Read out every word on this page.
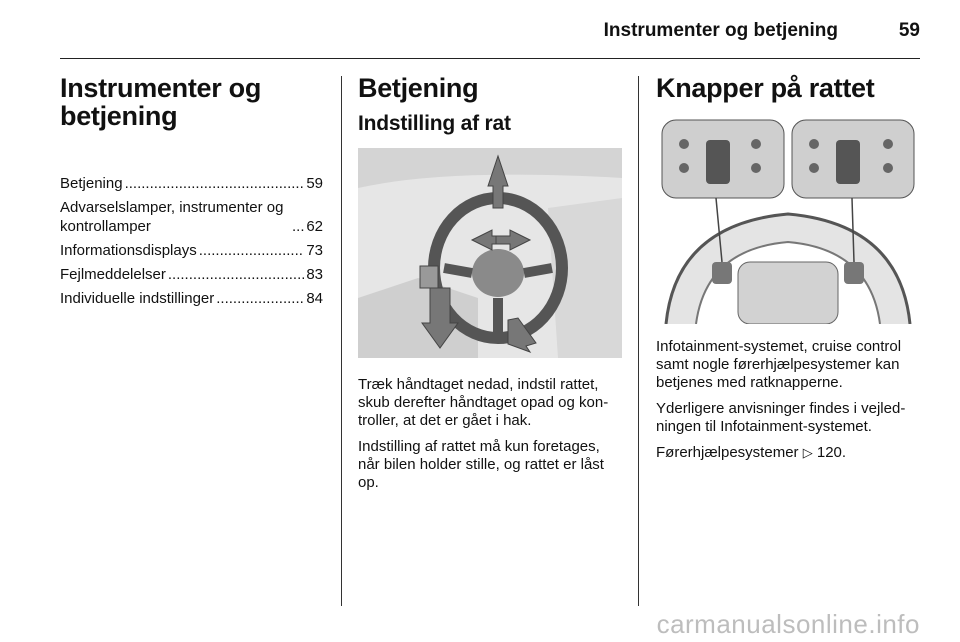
Instrumenter og betjening	59
Instrumenter og betjening
Betjening .....	59
Advarselslamper, instrumenter og kontrollamper .....	62
Informationsdisplays .....	73
Fejlmeddelelser .....	83
Individuelle indstillinger .....	84
Betjening
Indstilling af rat

Træk håndtaget nedad, indstil rattet, skub derefter håndtaget opad og kontroller, at det er gået i hak.

Indstilling af rattet må kun foretages, når bilen holder stille, og rattet er låst op.

Knapper på rattet

Infotainment-systemet, cruise control samt nogle førerhjælpesystemer kan betjenes med ratknapperne.

Yderligere anvisninger findes i vejledningen til Infotainment-systemet.

Førerhjælpesystemer ▷ 120.

carmanualsonline.info
